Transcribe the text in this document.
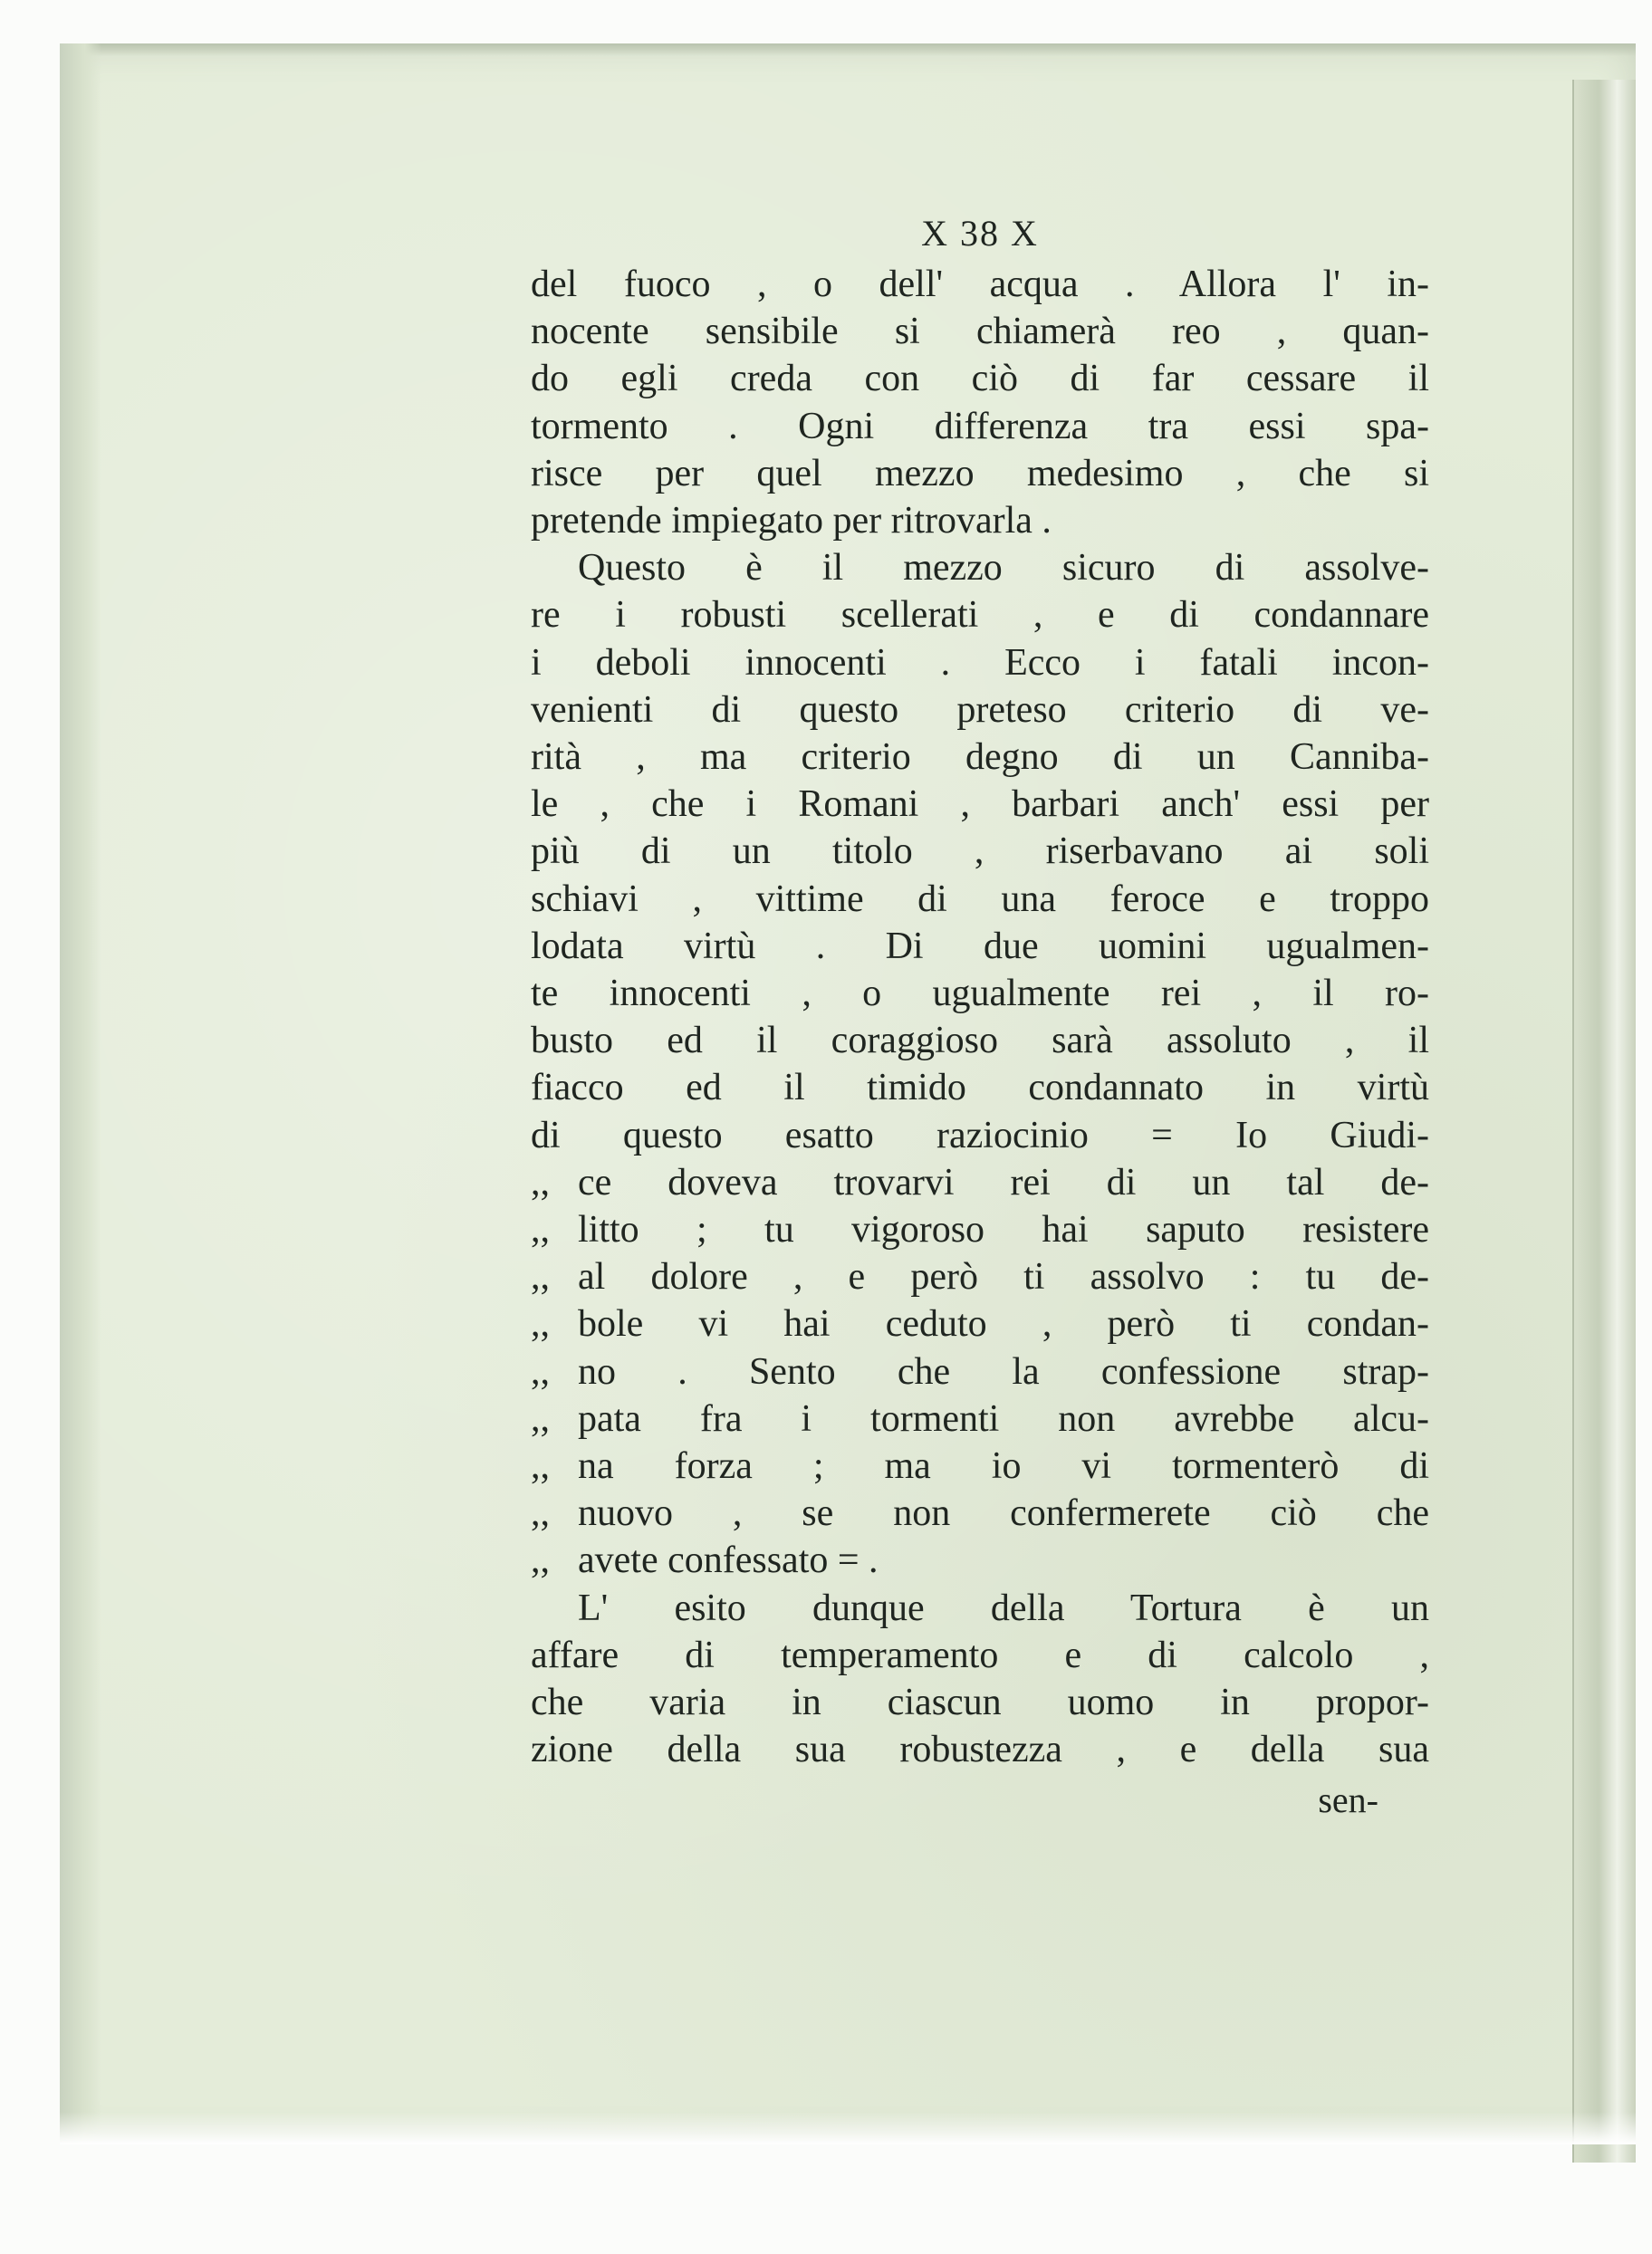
X 38 X
del fuoco , o dell' acqua . Allora l' in-
nocente sensibile si chiamerà reo , quan-
do egli creda con ciò di far cessare il
tormento . Ogni differenza tra essi spa-
risce per quel mezzo medesimo , che si
pretende impiegato per ritrovarla .
Questo è il mezzo sicuro di assolve-
re i robusti scellerati , e di condannare
i deboli innocenti . Ecco i fatali incon-
venienti di questo preteso criterio di ve-
rità , ma criterio degno di un Canniba-
le , che i Romani , barbari anch' essi per
più di un titolo , riserbavano ai soli
schiavi , vittime di una feroce e troppo
lodata virtù . Di due uomini ugualmen-
te innocenti , o ugualmente rei , il ro-
busto ed il coraggioso sarà assoluto , il
fiacco ed il timido condannato in virtù
di questo esatto raziocinio = Io Giudi-
,, ce doveva trovarvi rei di un tal de-
,, litto ; tu vigoroso hai saputo resistere
,, al dolore , e però ti assolvo : tu de-
,, bole vi hai ceduto , però ti condan-
,, no . Sento che la confessione strap-
,, pata fra i tormenti non avrebbe alcu-
,, na forza ; ma io vi tormenterò di
,, nuovo , se non confermerete ciò che
,, avete confessato = .
L' esito dunque della Tortura è un
affare di temperamento e di calcolo ,
che varia in ciascun uomo in propor-
zione della sua robustezza , e della sua
sen-
